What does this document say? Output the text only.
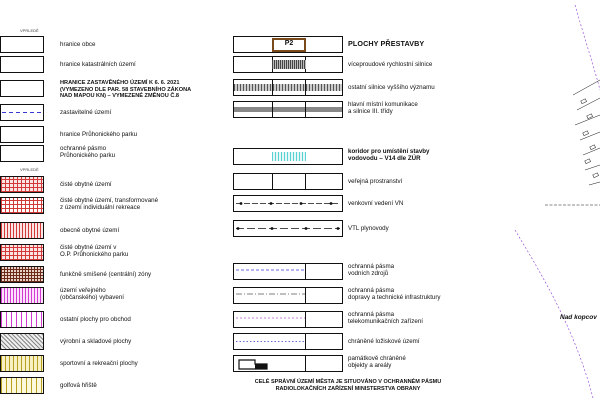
VPRLEDĚ
VPRLEDĚ
hranice obce
hranice katastrálních území
HRANICE ZASTAVĚNÉHO ÚZEMÍ K 6. 6. 2021
(VYMEZENO DLE PAR. 58 STAVEBNÍHO ZÁKONA
NAD MAPOU KN) – VYMEZENÉ ZMĚNOU Č.8
zastavitelné území
hranice Průhonického parku
ochranné pásmo
Průhonického parku
čisté obytné území
čisté obytné území, transformované
z území individuální rekreace
obecně obytné území
čisté obytné území v
O.P. Průhonického parku
funkčně smíšené (centrální) zóny
území veřejného
(občanského) vybavení
ostatní plochy pro obchod
výrobní a skladové plochy
sportovní a rekreační plochy
golfová hřiště
P2	PLOCHY PŘESTAVBY
víceproudové rychlostní silnice
ostatní silnice vyššího významu
hlavní místní komunikace
a silnice III. třídy
koridor pro umístění stavby
vodovodu – V14 dle ZÚR
veřejná prostranství
venkovní vedení VN
VTL plynovody
ochranná pásma
vodních zdrojů
ochranná pásma
dopravy a technické infrastruktury
ochranná pásma
telekomunikačních zařízení
chráněné ložiskové území
památkově chráněné
objekty a areály
CELÉ SPRÁVNÍ ÚZEMÍ MĚSTA JE SITUOVÁNO V OCHRANNÉM PÁSMU
RADIOLOKAČNÍCH ZAŘÍZENÍ MINISTERSTVA OBRANY
Nad kopcov
